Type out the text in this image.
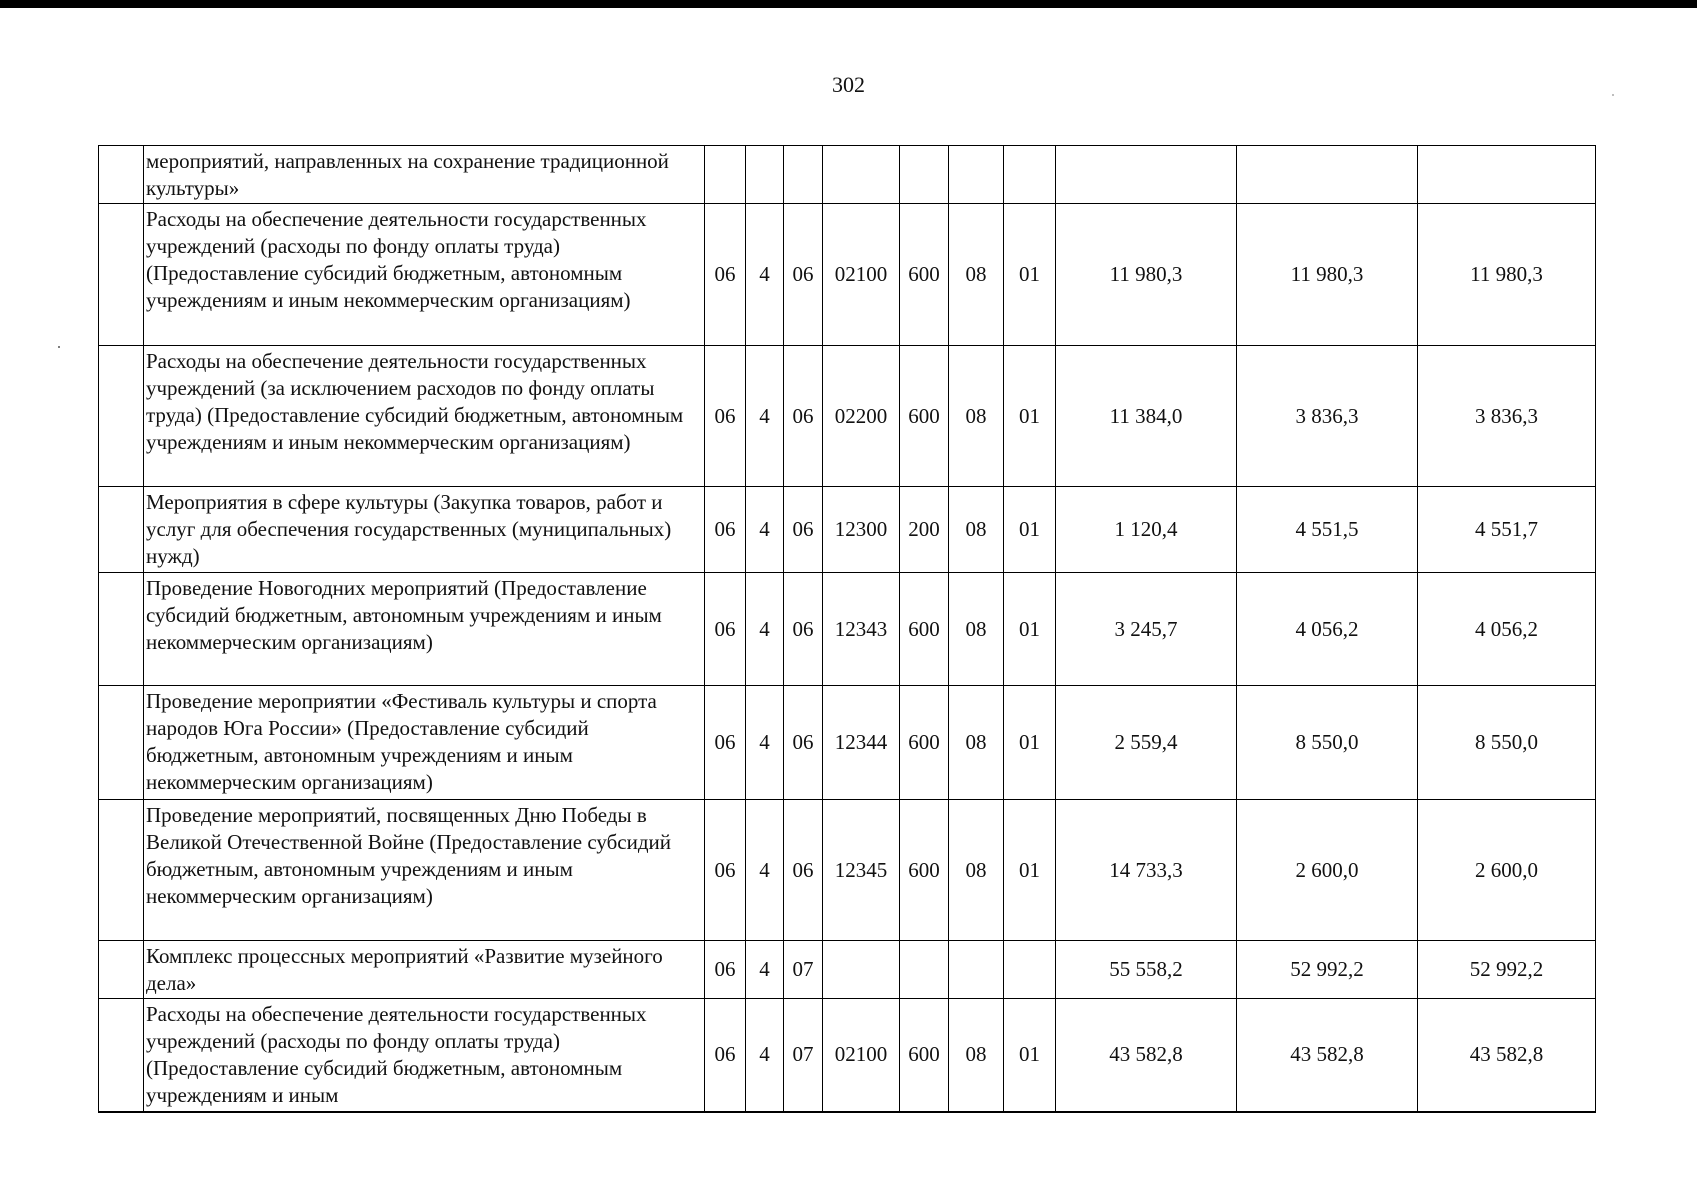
302
	мероприятий, направленных на сохранение традиционной культуры»										
	Расходы на обеспечение деятельности государственных учреждений (расходы по фонду оплаты труда) (Предоставление субсидий бюджетным, автономным учреждениям и иным некоммерческим организациям)	06	4	06	02100	600	08	01	11 980,3	11 980,3	11 980,3
	Расходы на обеспечение деятельности государственных учреждений (за исключением расходов по фонду оплаты труда) (Предоставление субсидий бюджетным, автономным учреждениям и иным некоммерческим организациям)	06	4	06	02200	600	08	01	11 384,0	3 836,3	3 836,3
	Мероприятия в сфере культуры (Закупка товаров, работ и услуг для обеспечения государственных (муниципальных) нужд)	06	4	06	12300	200	08	01	1 120,4	4 551,5	4 551,7
	Проведение Новогодних мероприятий (Предоставление субсидий бюджетным, автономным учреждениям и иным некоммерческим организациям)	06	4	06	12343	600	08	01	3 245,7	4 056,2	4 056,2
	Проведение мероприятии «Фестиваль культуры и спорта народов Юга России» (Предоставление субсидий бюджетным, автономным учреждениям и иным некоммерческим организациям)	06	4	06	12344	600	08	01	2 559,4	8 550,0	8 550,0
	Проведение мероприятий, посвященных Дню Победы в Великой Отечественной Войне (Предоставление субсидий бюджетным, автономным учреждениям и иным некоммерческим организациям)	06	4	06	12345	600	08	01	14 733,3	2 600,0	2 600,0
	Комплекс процессных мероприятий «Развитие музейного дела»	06	4	07					55 558,2	52 992,2	52 992,2
	Расходы на обеспечение деятельности государственных учреждений (расходы по фонду оплаты труда) (Предоставление субсидий бюджетным, автономным учреждениям и иным	06	4	07	02100	600	08	01	43 582,8	43 582,8	43 582,8
